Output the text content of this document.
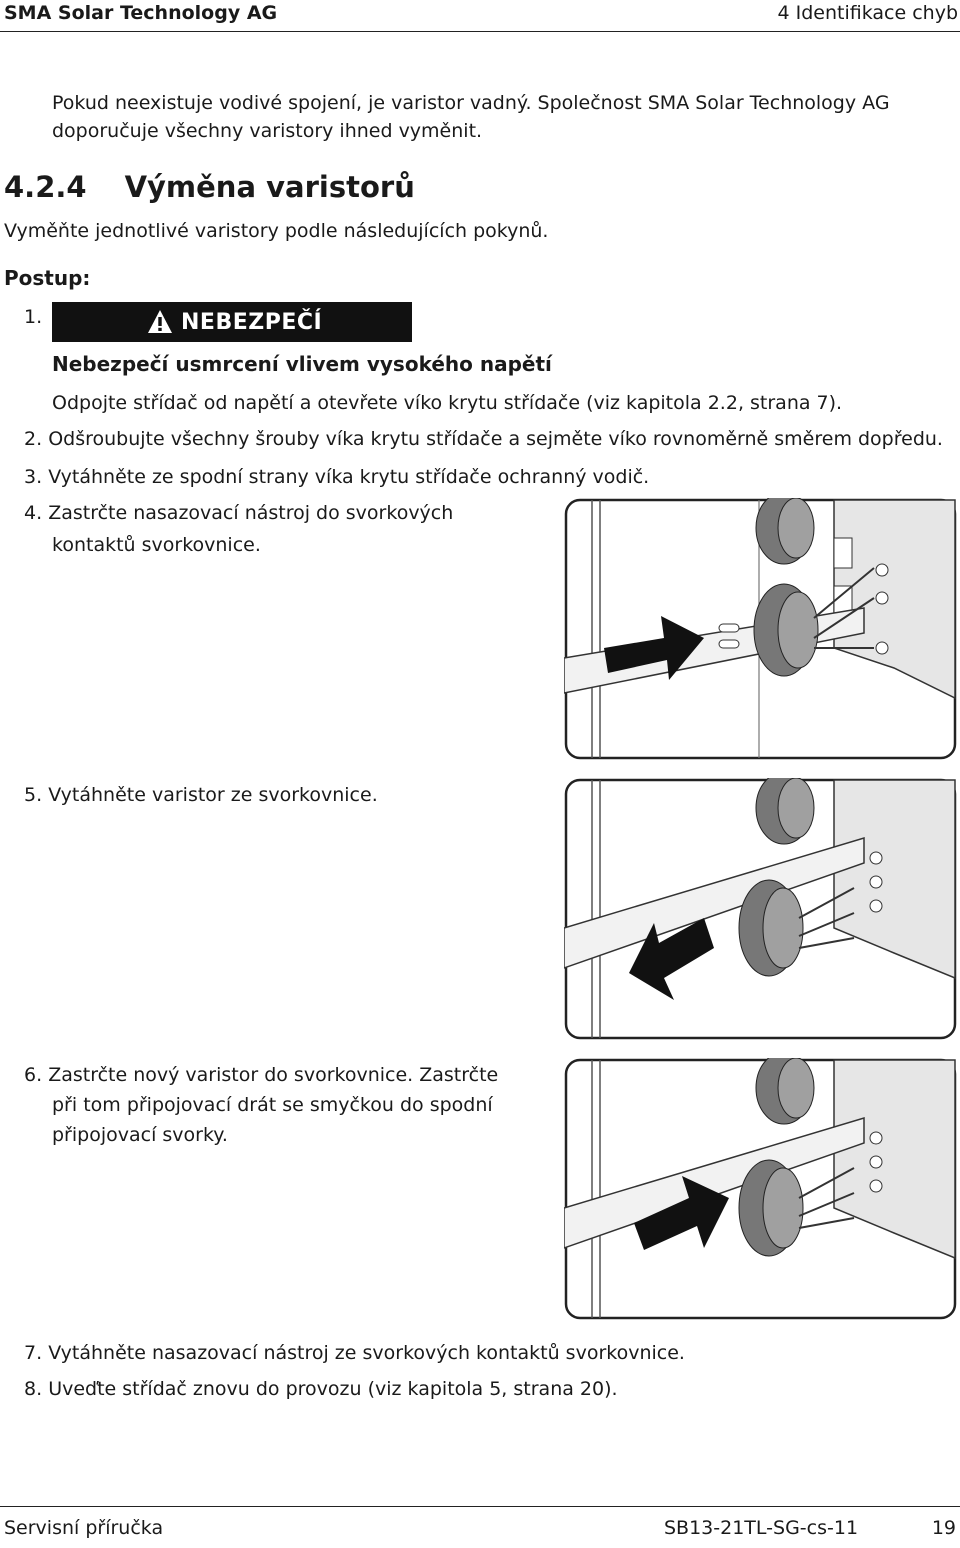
SMA Solar Technology AG	4 Identifikace chyb
Pokud neexistuje vodivé spojení, je varistor vadný. Společnost SMA Solar Technology AG
doporučuje všechny varistory ihned vyměnit.
4.2.4 Výměna varistorů
Vyměňte jednotlivé varistory podle následujících pokynů.
Postup:
1.	NEBEZPEČÍ
Nebezpečí usmrcení vlivem vysokého napětí
Odpojte střídač od napětí a otevřete víko krytu střídače (viz kapitola 2.2, strana 7).
2. Odšroubujte všechny šrouby víka krytu střídače a sejměte víko rovnoměrně směrem dopředu.
3. Vytáhněte ze spodní strany víka krytu střídače ochranný vodič.
4. Zastrčte nasazovací nástroj do svorkových
kontaktů svorkovnice.
5. Vytáhněte varistor ze svorkovnice.
6. Zastrčte nový varistor do svorkovnice. Zastrčte
při tom připojovací drát se smyčkou do spodní
připojovací svorky.
7. Vytáhněte nasazovací nástroj ze svorkových kontaktů svorkovnice.
8. Uveďte střídač znovu do provozu (viz kapitola 5, strana 20).
Servisní příručka	SB13-21TL-SG-cs-11	19
